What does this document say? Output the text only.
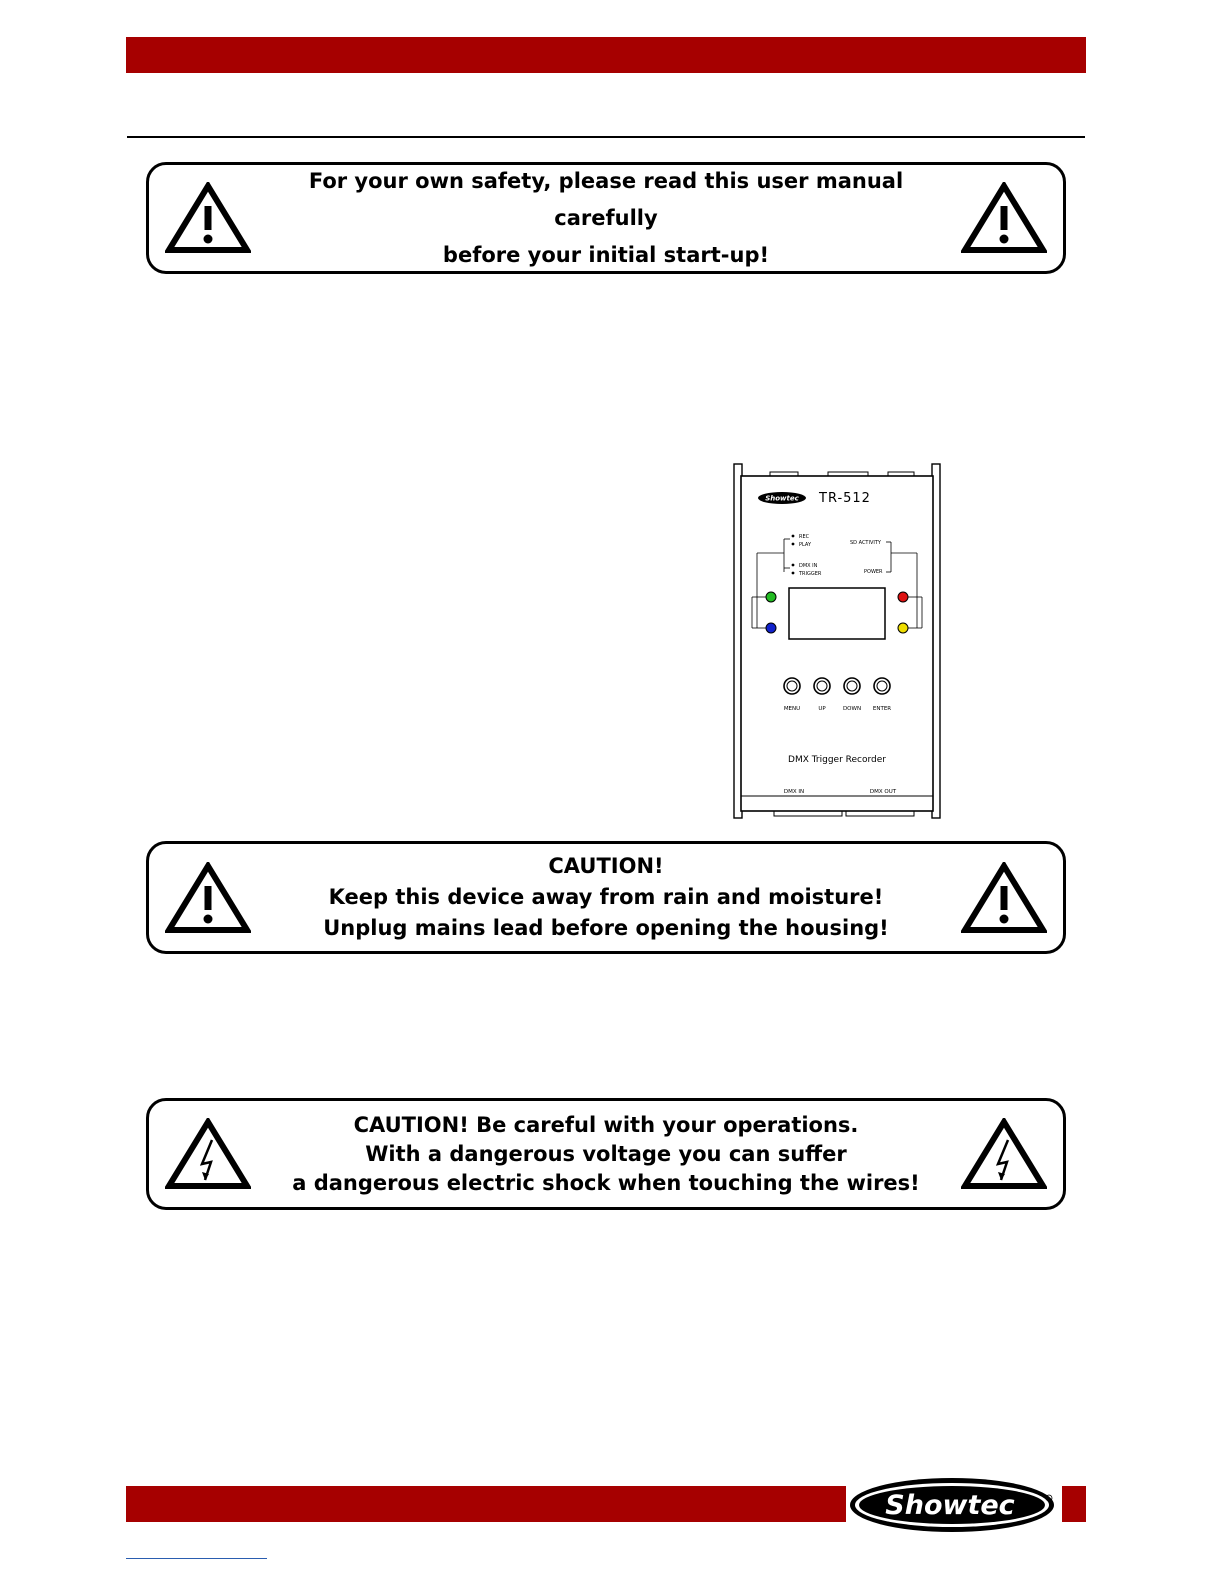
For your own safety, please read this user manual carefully
before your initial start-up!
Showtec TR-512
REC
PLAY
DMX IN
TRIGGER
SD ACTIVITY
POWER
MENU	UP	DOWN ENTER
DMX Trigger Recorder
DMX IN	DMX OUT
CAUTION!
Keep this device away from rain and moisture!
Unplug mains lead before opening the housing!
CAUTION! Be careful with your operations.
With a dangerous voltage you can suffer
a dangerous electric shock when touching the wires!
Showtec
